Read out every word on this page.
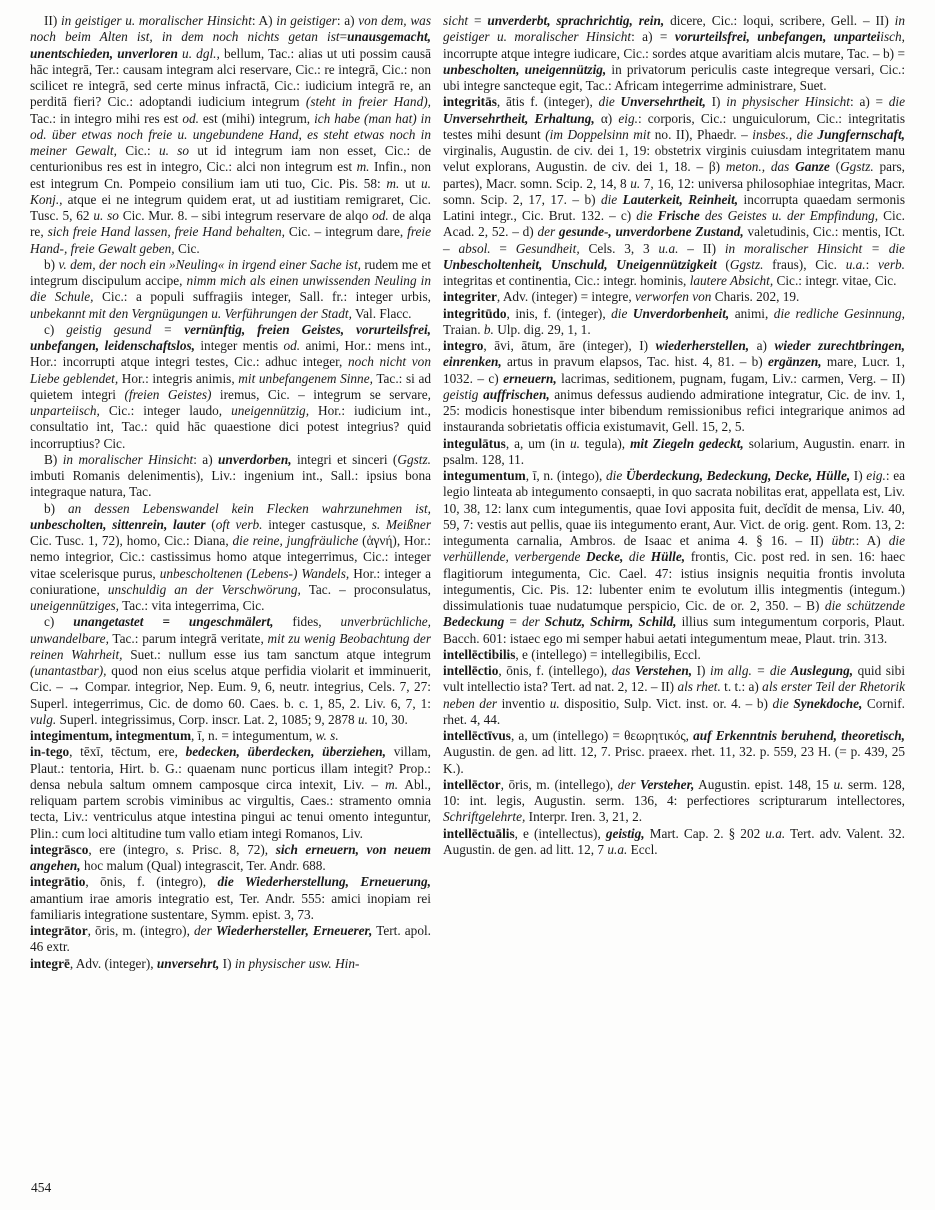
II) in geistiger u. moralischer Hinsicht: A) in geistiger: a) von dem, was noch beim Alten ist, in dem noch nichts getan ist=unausgemacht, unentschieden, unverloren u. dgl., bellum, Tac.: alias ut uti possim causā hāc integrā, Ter.: causam integram alci reservare, Cic.: re integrā, Cic.: non scilicet re integrā, sed certe minus infractā, Cic.: iudicium integrā re, an perditā fieri? Cic.: adoptandi iudicium integrum (steht in freier Hand), Tac.: in integro mihi res est od. est (mihi) integrum, ich habe (man hat) in od. über etwas noch freie u. ungebundene Hand, es steht etwas noch in meiner Gewalt, Cic.: u. so ut id integrum iam non esset, Cic.: de centurionibus res est in integro, Cic.: alci non integrum est m. Infin., non est integrum Cn. Pompeio consilium iam uti tuo, Cic. Pis. 58: m. ut u. Konj., atque ei ne integrum quidem erat, ut ad iustitiam remigraret, Cic. Tusc. 5, 62 u. so Cic. Mur. 8. – sibi integrum reservare de alqo od. de alqa re, sich freie Hand lassen, freie Hand behalten, Cic. – integrum dare, freie Hand-, freie Gewalt geben, Cic.

b) v. dem, der noch ein »Neuling« in irgend einer Sache ist, rudem me et integrum discipulum accipe, nimm mich als einen unwissenden Neuling in die Schule, Cic.: a populi suffragiis integer, Sall. fr.: integer urbis, unbekannt mit den Vergnügungen u. Verführungen der Stadt, Val. Flacc.

c) geistig gesund = vernünftig, freien Geistes, vorurteilsfrei, unbefangen, leidenschaftslos, integer mentis od. animi, Hor.: mens int., Hor.: incorrupti atque integri testes, Cic.: adhuc integer, noch nicht von Liebe geblendet, Hor.: integris animis, mit unbefangenem Sinne, Tac.: si ad quietem integri (freien Geistes) iremus, Cic. – integrum se servare, unparteiisch, Cic.: integer laudo, uneigennützig, Hor.: iudicium int., consultatio int, Tac.: quid hāc quaestione dici potest integrius? quid incorruptius? Cic.

B) in moralischer Hinsicht: a) unverdorben, integri et sinceri (Ggstz. imbuti Romanis delenimentis), Liv.: ingenium int., Sall.: ipsius bona integraque natura, Tac.

b) an dessen Lebenswandel kein Flecken wahrzunehmen ist, unbescholten, sittenrein, lauter (oft verb. integer castusque, s. Meißner Cic. Tusc. 1, 72), homo, Cic.: Diana, die reine, jungfräuliche (ἁγνή), Hor.: nemo integrior, Cic.: castissimus homo atque integerrimus, Cic.: integer vitae scelerisque purus, unbescholtenen (Lebens-) Wandels, Hor.: integer a coniuratione, unschuldig an der Verschwörung, Tac. – proconsulatus, uneigennütziges, Tac.: vita integerrima, Cic.

c) unangetastet = ungeschmälert, fides, unverbrüchliche, unwandelbare, Tac.: parum integrā veritate, mit zu wenig Beobachtung der reinen Wahrheit, Suet.: nullum esse ius tam sanctum atque integrum (unantastbar), quod non eius scelus atque perfidia violarit et imminuerit, Cic. – → Compar. integrior, Nep. Eum. 9, 6, neutr. integrius, Cels. 7, 27: Superl. integerrimus, Cic. de domo 60. Caes. b. c. 1, 85, 2. Liv. 6, 7, 1: vulg. Superl. integrissimus, Corp. inscr. Lat. 2, 1085; 9, 2878 u. 10, 30.

integimentum, integmentum, ī, n. = integumentum, w. s.

in-tego, tēxī, tēctum, ere, bedecken, überdecken, überziehen, villam, Plaut.: tentoria, Hirt. b. G.: quaenam nunc porticus illam integit? Prop.: densa nebula saltum omnem camposque circa intexit, Liv. – m. Abl., reliquam partem scrobis viminibus ac virgultis, Caes.: stramento omnia tecta, Liv.: ventriculus atque intestina pingui ac tenui omento integuntur, Plin.: cum loci altitudine tum vallo etiam integi Romanos, Liv.

integrāsco, ere (integro, s. Prisc. 8, 72), sich erneuern, von neuem angehen, hoc malum (Qual) integrascit, Ter. Andr. 688.

integrātio, ōnis, f. (integro), die Wiederherstellung, Erneuerung, amantium irae amoris integratio est, Ter. Andr. 555: amici inopiam rei familiaris integratione sustentare, Symm. epist. 3, 73.

integrātor, ōris, m. (integro), der Wiederhersteller, Erneuerer, Tert. apol. 46 extr.

integrē, Adv. (integer), unversehrt, I) in physischer usw. Hin-

sicht = unverderbt, sprachrichtig, rein, dicere, Cic.: loqui, scribere, Gell. – II) in geistiger u. moralischer Hinsicht: a) = vorurteilsfrei, unbefangen, unparteiisch, incorrupte atque integre iudicare, Cic.: sordes atque avaritiam alcis mutare, Tac. – b) = unbescholten, uneigennützig, in privatorum periculis caste integreque versari, Cic.: ubi integre sancteque egit, Tac.: Africam integerrime administrare, Suet.

integritās, ātis f. (integer), die Unversehrtheit, I) in physischer Hinsicht: a) = die Unversehrtheit, Erhaltung, α) eig.: corporis, Cic.: unguiculorum, Cic.: integritatis testes mihi desunt (im Doppelsinn mit no. II), Phaedr. – insbes., die Jungfernschaft, virginalis, Augustin. de civ. dei 1, 19: obstetrix virginis cuiusdam integritatem manu velut explorans, Augustin. de civ. dei 1, 18. – β) meton., das Ganze (Ggstz. pars, partes), Macr. somn. Scip. 2, 14, 8 u. 7, 16, 12: universa philosophiae integritas, Macr. somn. Scip. 2, 17, 17. – b) die Lauterkeit, Reinheit, incorrupta quaedam sermonis Latini integr., Cic. Brut. 132. – c) die Frische des Geistes u. der Empfindung, Cic. Acad. 2, 52. – d) der gesunde-, unverdorbene Zustand, valetudinis, Cic.: mentis, ICt. – absol. = Gesundheit, Cels. 3, 3 u.a. – II) in moralischer Hinsicht = die Unbescholtenheit, Unschuld, Uneigennützigkeit (Ggstz. fraus), Cic. u.a.: verb. integritas et continentia, Cic.: integr. hominis, lautere Absicht, Cic.: integr. vitae, Cic.

integriter, Adv. (integer) = integre, verworfen von Charis. 202, 19.

integritūdo, inis, f. (integer), die Unverdorbenheit, animi, die redliche Gesinnung, Traian. b. Ulp. dig. 29, 1, 1.

integro, āvi, ātum, āre (integer), I) wiederherstellen, a) wieder zurechtbringen, einrenken, artus in pravum elapsos, Tac. hist. 4, 81. – b) ergänzen, mare, Lucr. 1, 1032. – c) erneuern, lacrimas, seditionem, pugnam, fugam, Liv.: carmen, Verg. – II) geistig auffrischen, animus defessus audiendo admiratione integratur, Cic. de inv. 1, 25: modicis honestisque inter bibendum remissionibus refici integrarique animos ad instauranda sobrietatis officia existumavit, Gell. 15, 2, 5.

integulātus, a, um (in u. tegula), mit Ziegeln gedeckt, solarium, Augustin. enarr. in psalm. 128, 11.

integumentum, ī, n. (intego), die Überdeckung, Bedeckung, Decke, Hülle, I) eig.: ea legio linteata ab integumento consaepti, in quo sacrata nobilitas erat, appellata est, Liv. 10, 38, 12: lanx cum integumentis, quae Iovi apposita fuit, decĭdit de mensa, Liv. 40, 59, 7: vestis aut pellis, quae iis integumento erant, Aur. Vict. de orig. gent. Rom. 13, 2: integumenta carnalia, Ambros. de Isaac et anima 4. § 16. – II) übtr.: A) die verhüllende, verbergende Decke, die Hülle, frontis, Cic. post red. in sen. 16: haec flagitiorum integumenta, Cic. Cael. 47: istius insignis nequitia frontis involuta integumentis, Cic. Pis. 12: lubenter enim te evolutum illis integmentis (integum.) dissimulationis tuae nudatumque perspicio, Cic. de or. 2, 350. – B) die schützende Bedeckung = der Schutz, Schirm, Schild, illius sum integumentum corporis, Plaut. Bacch. 601: istaec ego mi semper habui aetati integumentum meae, Plaut. trin. 313.

intellēctibilis, e (intellego) = intellegibilis, Eccl.

intellēctio, ōnis, f. (intellego), das Verstehen, I) im allg. = die Auslegung, quid sibi vult intellectio ista? Tert. ad nat. 2, 12. – II) als rhet. t. t.: a) als erster Teil der Rhetorik neben der inventio u. dispositio, Sulp. Vict. inst. or. 4. – b) die Synekdoche, Cornif. rhet. 4, 44.

intellēctīvus, a, um (intellego) = θεωρητικός, auf Erkenntnis beruhend, theoretisch, Augustin. de gen. ad litt. 12, 7. Prisc. praeex. rhet. 11, 32. p. 559, 23 H. (= p. 439, 25 K.).

intellēctor, ōris, m. (intellego), der Versteher, Augustin. epist. 148, 15 u. serm. 128, 10: int. legis, Augustin. serm. 136, 4: perfectiores scripturarum intellectores, Schriftgelehrte, Interpr. Iren. 3, 21, 2.

intellēctuālis, e (intellectus), geistig, Mart. Cap. 2. § 202 u.a. Tert. adv. Valent. 32. Augustin. de gen. ad litt. 12, 7 u.a. Eccl.

454
